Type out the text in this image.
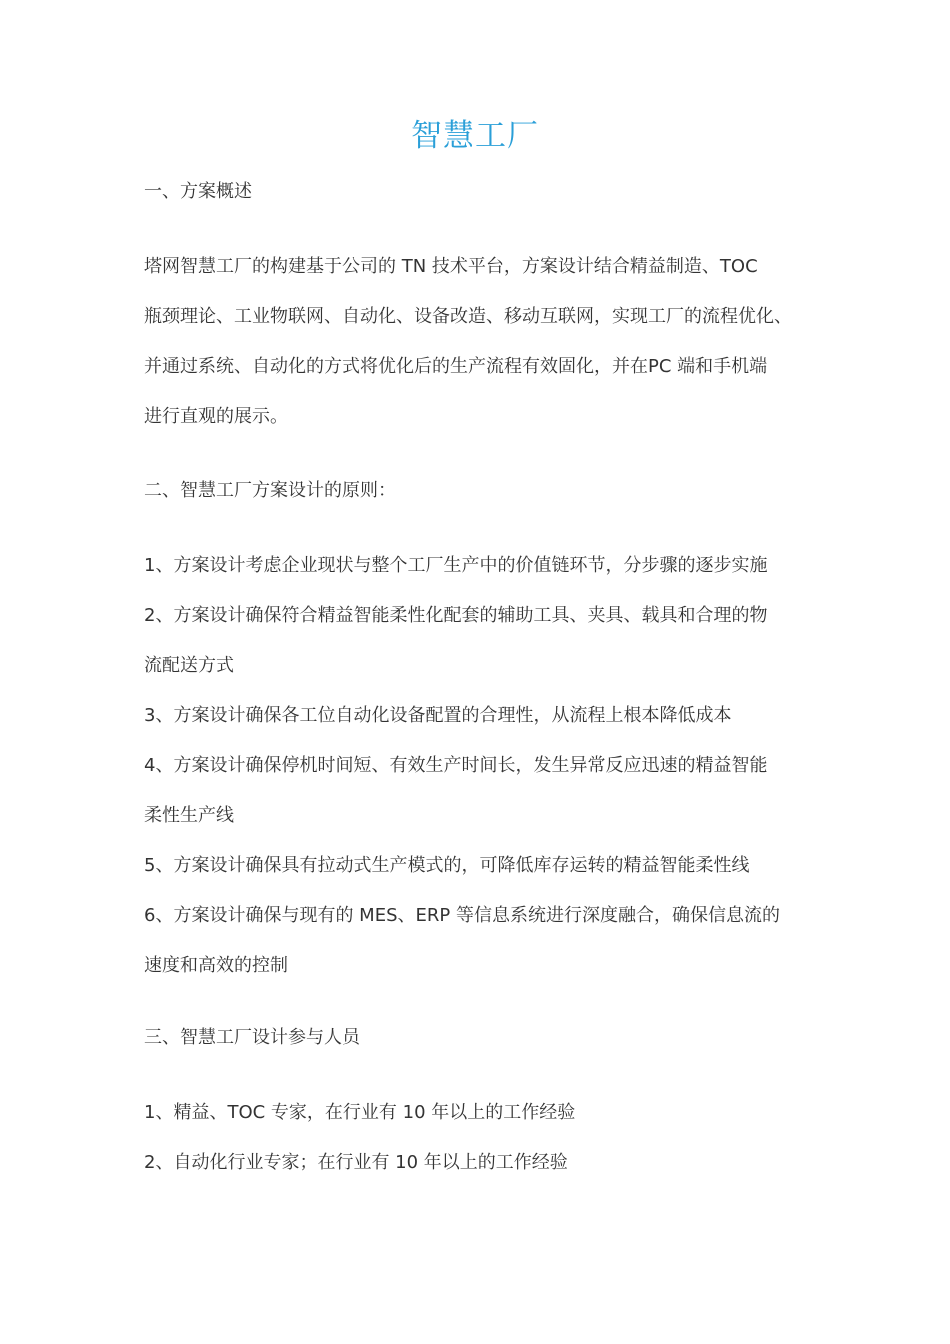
智慧工厂
一、方案概述
塔网智慧工厂的构建基于公司的 TN 技术平台，方案设计结合精益制造、TOC
瓶颈理论、工业物联网、自动化、设备改造、移动互联网，实现工厂的流程优化、
并通过系统、自动化的方式将优化后的生产流程有效固化，并在PC 端和手机端
进行直观的展示。
二、智慧工厂方案设计的原则：
1、方案设计考虑企业现状与整个工厂生产中的价值链环节，分步骤的逐步实施
2、方案设计确保符合精益智能柔性化配套的辅助工具、夹具、载具和合理的物
流配送方式
3、方案设计确保各工位自动化设备配置的合理性，从流程上根本降低成本
4、方案设计确保停机时间短、有效生产时间长，发生异常反应迅速的精益智能
柔性生产线
5、方案设计确保具有拉动式生产模式的，可降低库存运转的精益智能柔性线
6、方案设计确保与现有的 MES、ERP 等信息系统进行深度融合，确保信息流的
速度和高效的控制
三、智慧工厂设计参与人员
1、精益、TOC 专家，在行业有 10 年以上的工作经验
2、自动化行业专家；在行业有 10 年以上的工作经验
